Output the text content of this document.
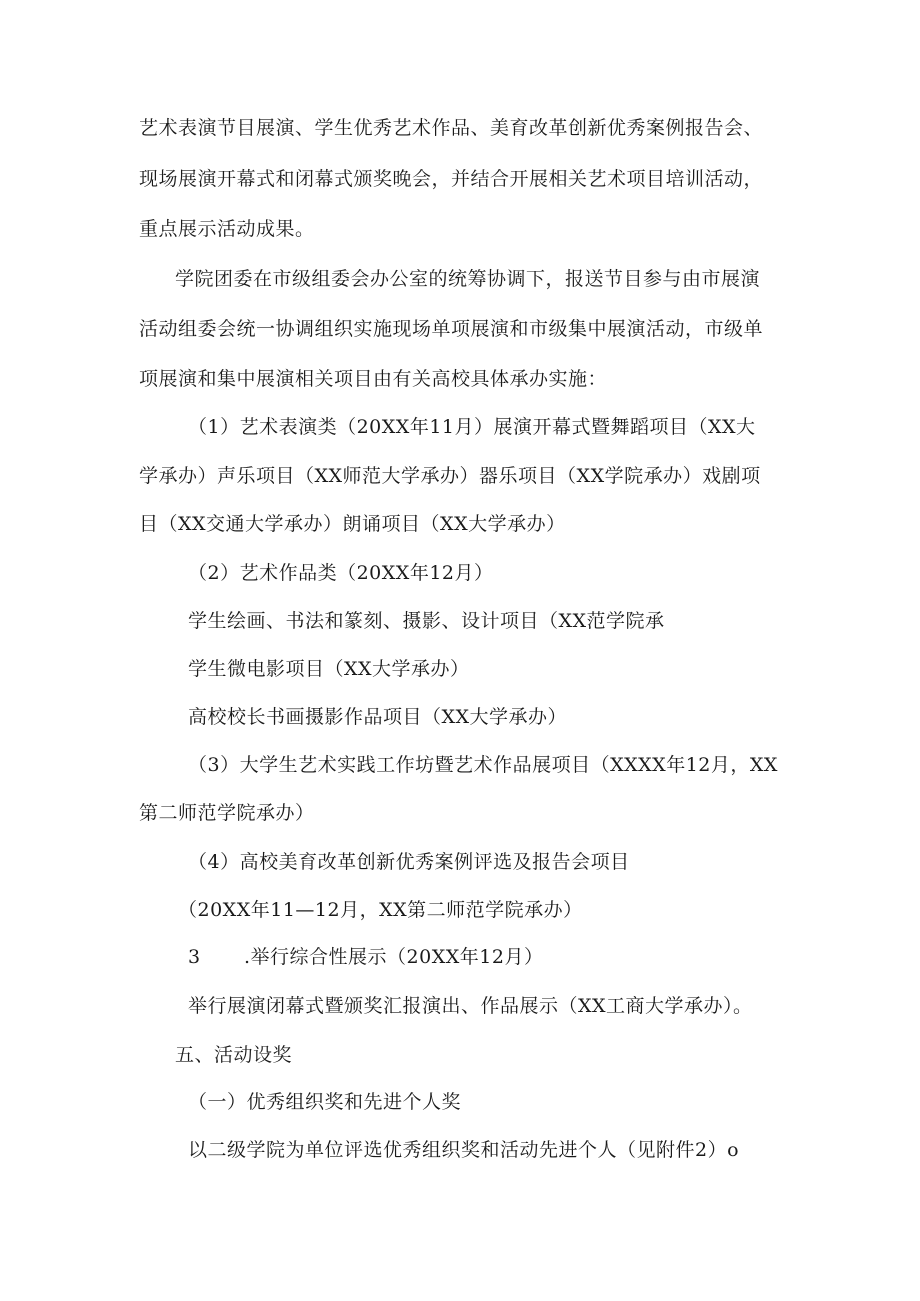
艺术表演节目展演、学生优秀艺术作品、美育改革创新优秀案例报告会、
现场展演开幕式和闭幕式颁奖晚会，并结合开展相关艺术项目培训活动，
重点展示活动成果。
学院团委在市级组委会办公室的统筹协调下，报送节目参与由市展演
活动组委会统一协调组织实施现场单项展演和市级集中展演活动，市级单
项展演和集中展演相关项目由有关高校具体承办实施：
（1）艺术表演类（20XX年11月）展演开幕式暨舞蹈项目（XX大
学承办）声乐项目（XX师范大学承办）器乐项目（XX学院承办）戏剧项
目（XX交通大学承办）朗诵项目（XX大学承办）
（2）艺术作品类（20XX年12月）
学生绘画、书法和篆刻、摄影、设计项目（XX范学院承
学生微电影项目（XX大学承办）
高校校长书画摄影作品项目（XX大学承办）
（3）大学生艺术实践工作坊暨艺术作品展项目（XXXX年12月，XX
第二师范学院承办）
（4）高校美育改革创新优秀案例评选及报告会项目
（20XX年11—12月，XX第二师范学院承办）
3 .举行综合性展示（20XX年12月）
举行展演闭幕式暨颁奖汇报演出、作品展示（XX工商大学承办）。
五、活动设奖
（一）优秀组织奖和先进个人奖
以二级学院为单位评选优秀组织奖和活动先进个人（见附件2）o
